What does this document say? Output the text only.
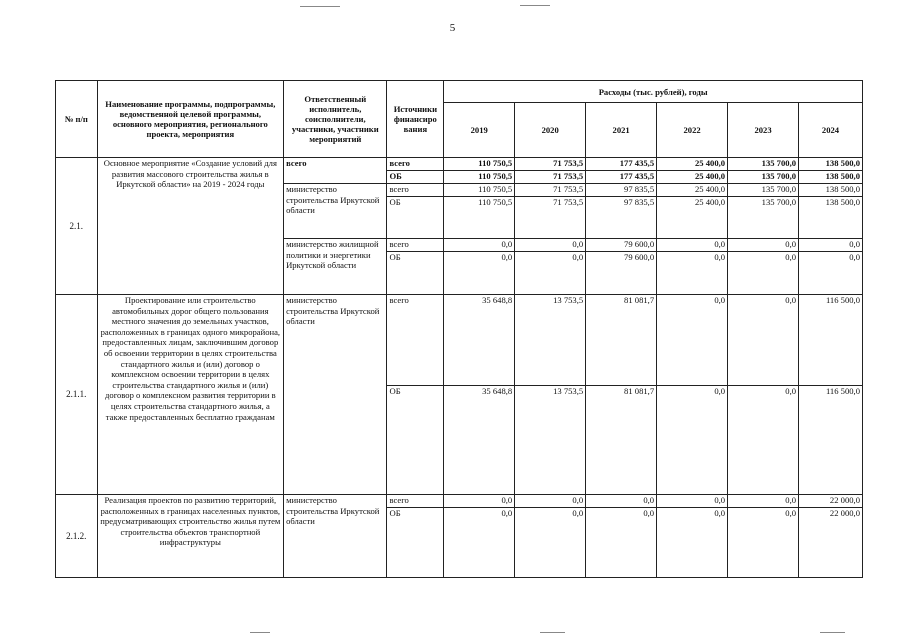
5
№ п/п	Наименование программы, подпрограммы, ведомственной целевой программы, основного мероприятия, регионального проекта, мероприятия	Ответственный исполнитель, соисполнители, участники, участники мероприятий	Источники финансиро вания	Расходы (тыс. рублей), годы					
				2019	2020	2021	2022	2023	2024
2.1.	Основное мероприятие «Создание условий для развития массового строительства жилья в Иркутской области» на 2019 - 2024 годы	всего	всего	110 750,5	71 753,5	177 435,5	25 400,0	135 700,0	138 500,0
			ОБ	110 750,5	71 753,5	177 435,5	25 400,0	135 700,0	138 500,0
		министерство строительства Иркутской области	всего	110 750,5	71 753,5	97 835,5	25 400,0	135 700,0	138 500,0
			ОБ	110 750,5	71 753,5	97 835,5	25 400,0	135 700,0	138 500,0
		министерство жилищной политики и энергетики Иркутской области	всего	0,0	0,0	79 600,0	0,0	0,0	0,0
			ОБ	0,0	0,0	79 600,0	0,0	0,0	0,0
2.1.1.	Проектирование или строительство автомобильных дорог общего пользования местного значения до земельных участков, расположенных в границах одного микрорайона, предоставленных лицам, заключившим договор об освоении территории в целях строительства стандартного жилья и (или) договор о комплексном освоении территории в целях строительства стандартного жилья и (или) договор о комплексном развития территории в целях строительства стандартного жилья, а также предоставленных бесплатно гражданам	министерство строительства Иркутской области	всего	35 648,8	13 753,5	81 081,7	0,0	0,0	116 500,0
			ОБ	35 648,8	13 753,5	81 081,7	0,0	0,0	116 500,0
2.1.2.	Реализация проектов по развитию территорий, расположенных в границах населенных пунктов, предусматривающих строительство жилья путем строительства объектов транспортной инфраструктуры	министерство строительства Иркутской области	всего	0,0	0,0	0,0	0,0	0,0	22 000,0
			ОБ	0,0	0,0	0,0	0,0	0,0	22 000,0
